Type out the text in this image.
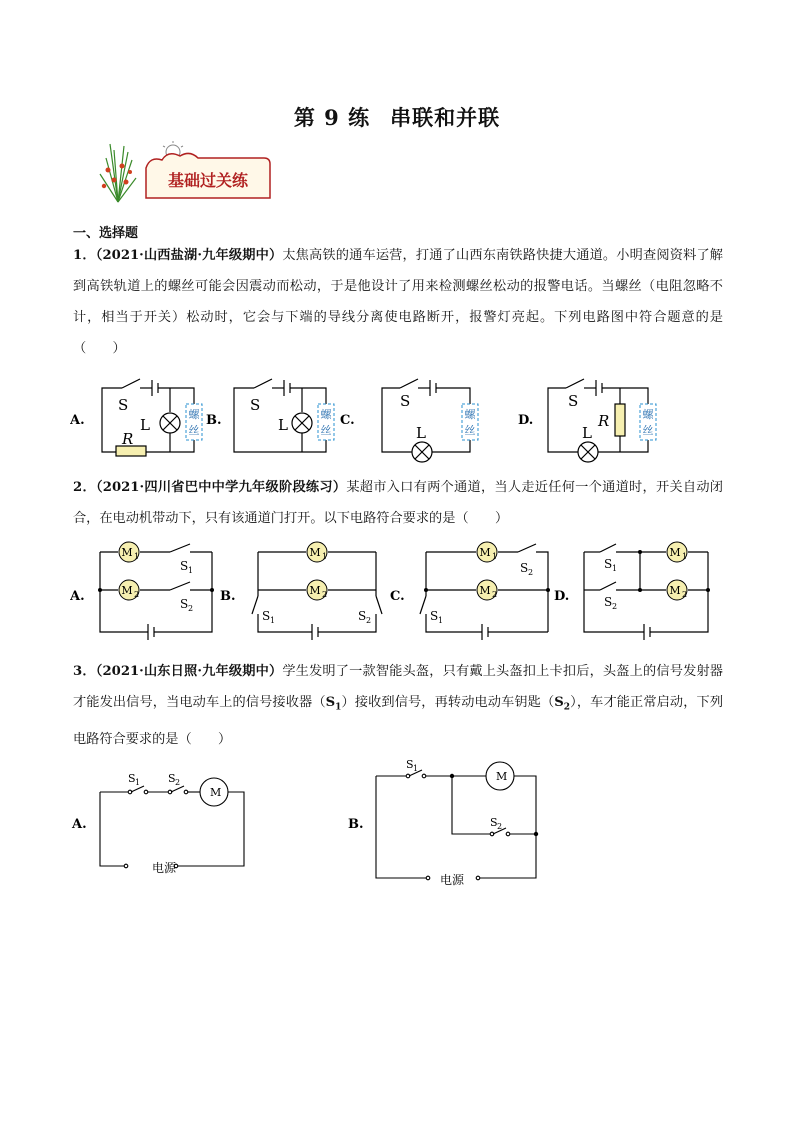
第 9 练 串联和并联
基础过关练
一、选择题
1．（2021·山西盐湖·九年级期中）太焦高铁的通车运营，打通了山西东南铁路快捷大通道。小明查阅资料了解到高铁轨道上的螺丝可能会因震动而松动，于是他设计了用来检测螺丝松动的报警电话。当螺丝（电阻忽略不计，相当于开关）松动时，它会与下端的导线分离使电路断开，报警灯亮起。下列电路图中符合题意的是（　　）
螺
丝
螺
丝
螺
丝
螺
丝
A.	B.	C.	D.
S
L
R
S
L
S
L
S
L
R
2．（2021·四川省巴中中学九年级阶段练习）某超市入口有两个通道，当人走近任何一个通道时，开关自动闭合，在电动机带动下，只有该通道门打开。以下电路符合要求的是（　　）
M
M
M
M
M
M
M
M
1
2
1
2
1
2
1
2
S
S
S	S
S
S
S
S
1
2
1	2
2
1
1
2
A.	B.	C.	D.
3．（2021·山东日照·九年级期中）学生发明了一款智能头盔，只有戴上头盔扣上卡扣后，头盔上的信号发射器才能发出信号，当电动车上的信号接收器$(S_1)$接收到信号，再转动电动车钥匙$(S_2)$，车才能正常启动，下列电路符合要求的是（　　）
S 1	S 2
M
电源
S 1
S 2
M
电源
A.	B.
